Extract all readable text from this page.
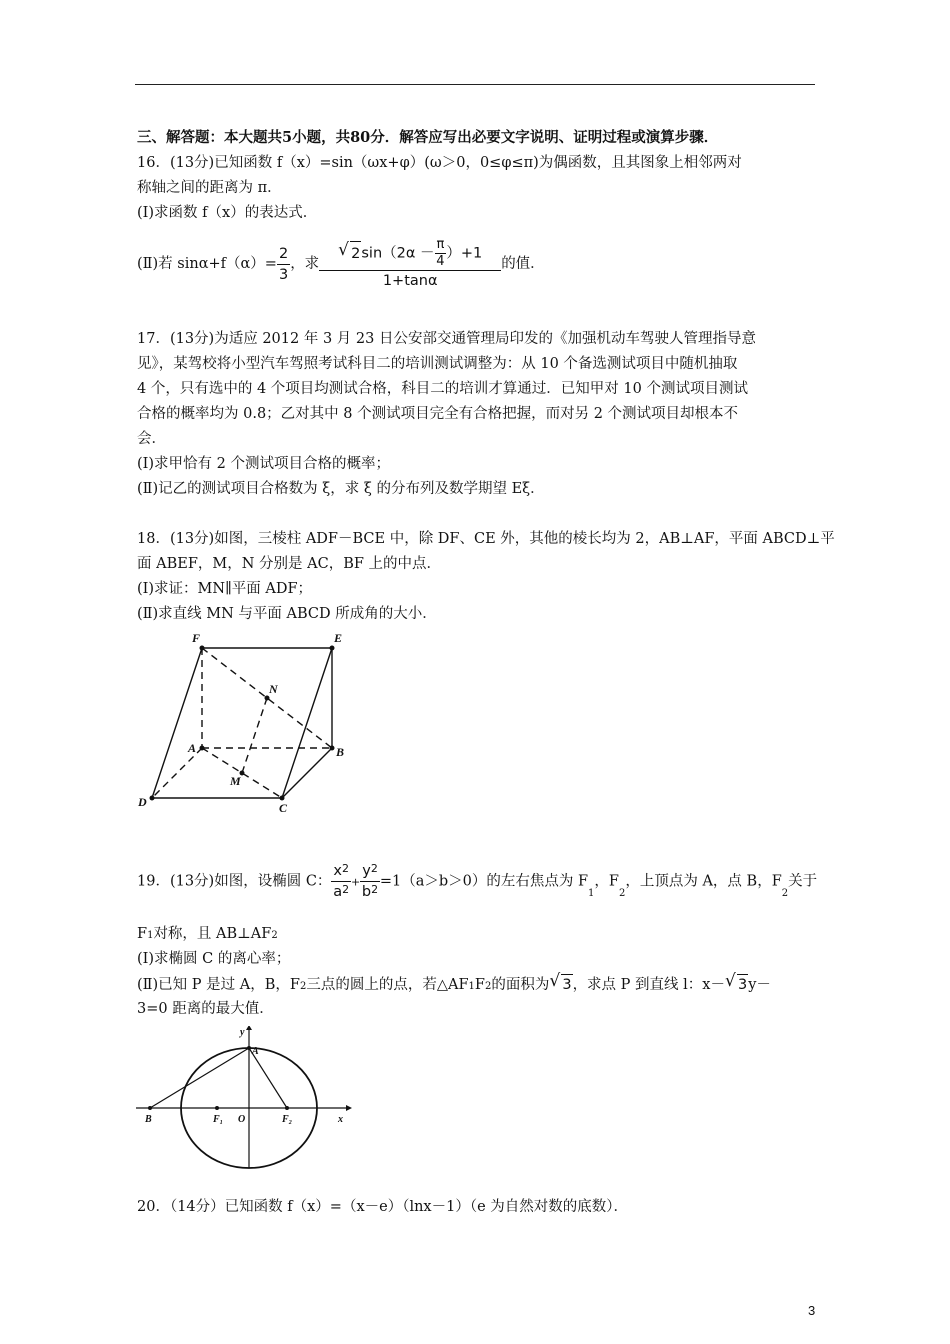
三、解答题：本大题共5小题，共80分．解答应写出必要文字说明、证明过程或演算步骤．
16．(13分)已知函数 f（x）=sin（ωx+φ）(ω＞0，0≤φ≤π)为偶函数，且其图象上相邻两对
称轴之间的距离为 π．
(Ⅰ)求函数 f（x）的表达式．
(Ⅱ)若 $\sin\alpha+f(\alpha)= \frac{2}{3}$ ，求 √ $\frac{2\sin(2\alpha - \frac{\pi}{4} )+1}{1+\tan\alpha}$ 的值．
17．(13分)为适应 2012 年 3 月 23 日公安部交通管理局印发的《加强机动车驾驶人管理指导意
见》，某驾校将小型汽车驾照考试科目二的培训测试调整为：从 10 个备选测试项目中随机抽取
4 个，只有选中的 4 个项目均测试合格，科目二的培训才算通过．已知甲对 10 个测试项目测试
合格的概率均为 0.8；乙对其中 8 个测试项目完全有合格把握，而对另 2 个测试项目却根本不
会．
(Ⅰ)求甲恰有 2 个测试项目合格的概率；
(Ⅱ)记乙的测试项目合格数为 ξ，求 ξ 的分布列及数学期望 Eξ．
18．(13分)如图，三棱柱 ADF－BCE 中，除 DF、CE 外，其他的棱长均为 2，AB⊥AF，平面 ABCD⊥平
面 ABEF，M，N 分别是 AC，BF 上的中点．
(Ⅰ)求证：MN∥平面 ADF；
(Ⅱ)求直线 MN 与平面 ABCD 所成角的大小．
F	E
N
A	B
M
D	C
19．(13分)如图，设椭圆 C： $\frac{x^2}{a^2} + \frac{y^2}{b^2} =1(a>b>0)$的左右焦点为 F1，F2，上顶点为 A，点 B，F2关于
F1对称，且 AB⊥AF2
(Ⅰ)求椭圆 C 的离心率；
(Ⅱ)已知 P 是过 A，B，F2三点的圆上的点，若△AF1F2的面积为 √ 3，求点 P 到直线 l：x－ √ 3y－
3=0 距离的最大值．
y
A
B	F₁ O	F₂	x
20．（14分）已知函数 f（x）=（x－e）（lnx－1）（e 为自然对数的底数）．
3
